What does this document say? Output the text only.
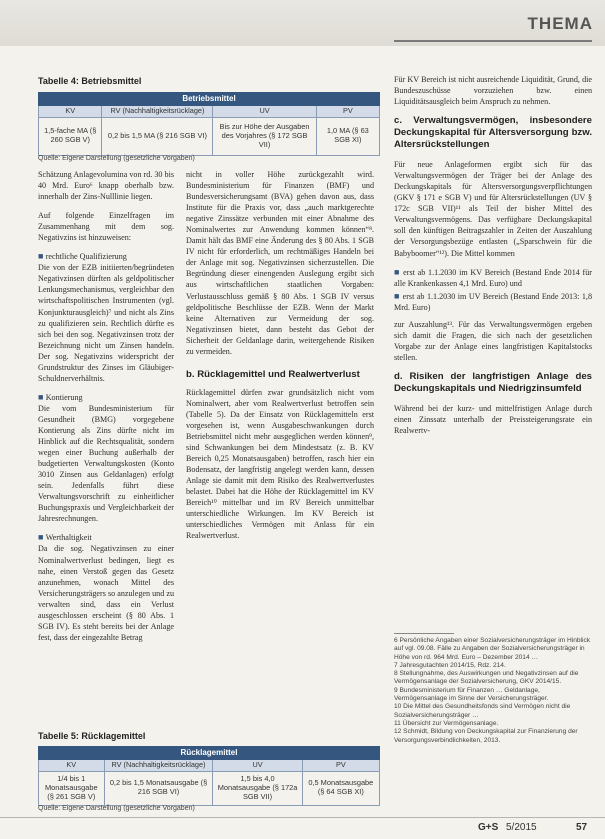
THEMA
Tabelle 4: Betriebsmittel
Betriebsmittel			
KV	RV (Nachhaltigkeitsrücklage)	UV	PV
1,5-fache MA (§ 260 SGB V)	0,2 bis 1,5 MA (§ 216 SGB VI)	Bis zur Höhe der Ausgaben des Vorjahres (§ 172 SGB VII)	1,0 MA (§ 63 SGB XI)
Quelle: Eigene Darstellung (gesetzliche Vorgaben)

Schätzung Anlagevolumina von rd. 30 bis 40 Mrd. Euro⁶ knapp oberhalb bzw. innerhalb der Zins-Nulllinie liegen.

Auf folgende Einzelfragen im Zusammenhang mit dem sog. Negativzins ist hinzuweisen:

■ rechtliche Qualifizierung

Die von der EZB initiierten/begründeten Negativzinsen dürften als geldpolitischer Lenkungsmechanismus, vergleichbar den wirtschaftspolitischen Instrumenten (vgl. Konjunkturausgleich)⁷ und nicht als Zins zu qualifizieren sein. Rechtlich dürfte es sich bei den sog. Negativzinsen trotz der Bezeichnung nicht um Zinsen handeln. Der sog. Negativzins widerspricht der Grundstruktur des Zinses im Gläubiger-Schuldnerverhältnis.

■ Kontierung

Die vom Bundesministerium für Gesundheit (BMG) vorgegebene Kontierung als Zins dürfte nicht im Hinblick auf die Rechtsqualität, sondern wegen einer Buchung außerhalb der budgetierten Verwaltungskosten (Konto 3010 Zinsen aus Geldanlagen) erfolgt sein. Jedenfalls führt diese Verwaltungsvorschrift zu einheitlicher Buchungspraxis und Vergleichbarkeit der Jahresrechnungen.

■ Werthaltigkeit

Da die sog. Negativzinsen zu einer Nominalwertverlust bedingen, liegt es nahe, einen Verstoß gegen das Gesetz anzunehmen, wonach Mittel des Versicherungsträgers so anzulegen und zu verwalten sind, dass ein Verlust ausgeschlossen erscheint (§ 80 Abs. 1 SGB IV). Es steht bereits bei der Anlage fest, dass der eingezahlte Betrag

nicht in voller Höhe zurückgezahlt wird. Bundesministerium für Finanzen (BMF) und Bundesversicherungsamt (BVA) gehen davon aus, dass Institute für die Praxis vor, dass „auch marktgerechte negative Zinssätze verbunden mit einer Abnahme des Nominalwertes zur Anwendung kommen können“⁸. Damit hält das BMF eine Änderung des § 80 Abs. 1 SGB IV nicht für erforderlich, um rechtmäßiges Handeln bei der Anlage mit sog. Negativzinsen sicherzustellen. Die Begründung dieser einengenden Auslegung ergibt sich aus wirtschaftlichen staatlichen Vorgaben: Verlustausschluss gemäß § 80 Abs. 1 SGB IV versus geldpolitische Beschlüsse der EZB. Wenn der Markt keine Alternativen zur Vermeidung der sog. Negativzinsen bietet, dann besteht das Gebot der Sicherheit der Geldanlage darin, weitergehende Risiken zu vermeiden.

b. Rücklagemittel und Realwertverlust

Rücklagemittel dürfen zwar grundsätzlich nicht vom Nominalwert, aber vom Realwertverlust betroffen sein (Tabelle 5). Da der Einsatz von Rücklagemitteln erst vorgesehen ist, wenn Ausgabeschwankungen durch Betriebsmittel nicht mehr ausgeglichen werden können⁹, sind Schwankungen bei dem Mindestsatz (z. B. KV Bereich 0,25 Monatsausgaben) betroffen, rasch hier ein Bodensatz, der langfristig angelegt werden kann, dessen Anlage sie damit mit dem Risiko des Realwertverlustes belastet. Dabei hat die Höhe der Rücklagemittel im KV Bereich¹⁰ mittelbar und im RV Bereich unmittelbar unterschiedliche Wirkungen. Im KV Bereich ist unterschiedliches Vermögen mit Anlass für ein Realwertverlust.

Tabelle 5: Rücklagemittel
Rücklagemittel			
KV	RV (Nachhaltigkeitsrücklage)	UV	PV
1/4 bis 1 Monatsausgabe (§ 261 SGB V)	0,2 bis 1,5 Monatsausgabe (§ 216 SGB VI)	1,5 bis 4,0 Monatsausgabe (§ 172a SGB VII)	0,5 Monatsausgabe (§ 64 SGB XI)
Quelle: Eigene Darstellung (gesetzliche Vorgaben)

Für KV Bereich ist nicht ausreichende Liquidität, Grund, die Bundeszuschüsse vorzuziehen bzw. einen Liquiditätsausgleich beim Anspruch zu nehmen.

c. Verwaltungsvermögen, insbesondere Deckungskapital für Altersversorgung bzw. Altersrückstellungen

Für neue Anlageformen ergibt sich für das Verwaltungsvermögen der Träger bei der Anlage des Deckungskapitals für Altersversorgungsverpflichtungen (GKV § 171 e SGB V) und für Altersrückstellungen (UV § 172c SGB VII)¹¹ als Teil der bisher Mittel des Verwaltungsvermögens. Das verfügbare Deckungskapital soll den künftigen Beitragszahler in Zeiten der Auszahlung der Versorgungsbezüge entlasten („Sparschwein für die Babyboomer“¹²). Die Mittel kommen

■ erst ab 1.1.2030 im KV Bereich (Bestand Ende 2014 für alle Krankenkassen 4,1 Mrd. Euro) und
■ erst ab 1.1.2030 im UV Bereich (Bestand Ende 2013: 1,8 Mrd. Euro)

zur Auszahlung¹³. Für das Verwaltungsvermögen ergeben sich damit die Fragen, die sich nach der gesetzlichen Vorgabe zur der Anlage eines langfristigen Kapitalstocks stellen.

d. Risiken der langfristigen Anlage des Deckungskapitals und Niedrigzinsumfeld

Während bei der kurz- und mittelfristigen Anlage durch einen Zinssatz unterhalb der Preissteigerungsrate ein Realwertv-

6 Persönliche Angaben einer Sozialversicherungsträger im Hinblick auf vgl. 09.08. Fälle zu Angaben der Sozialversicherungsträger in Höhe von rd. 964 Mrd. Euro – Dezember 2014 …
7 Jahresgutachten 2014/15, Rdz. 214.
8 Stellungnahme, des Auswirkungen und Negativzinsen auf die Vermögensanlage der Sozialversicherung, GKV 2014/15.
9 Bundesministerium für Finanzen … Geldanlage, Vermögensanlage im Sinne der Versicherungsträger.
10 Die Mittel des Gesundheitsfonds sind Vermögen nicht die Sozialversicherungsträger …
11 Übersicht zur Vermögensanlage.
12 Schmidt, Bildung von Deckungskapital zur Finanzierung der Versorgungsverbindlichkeiten, 2013.
G+S 5/2015	57
